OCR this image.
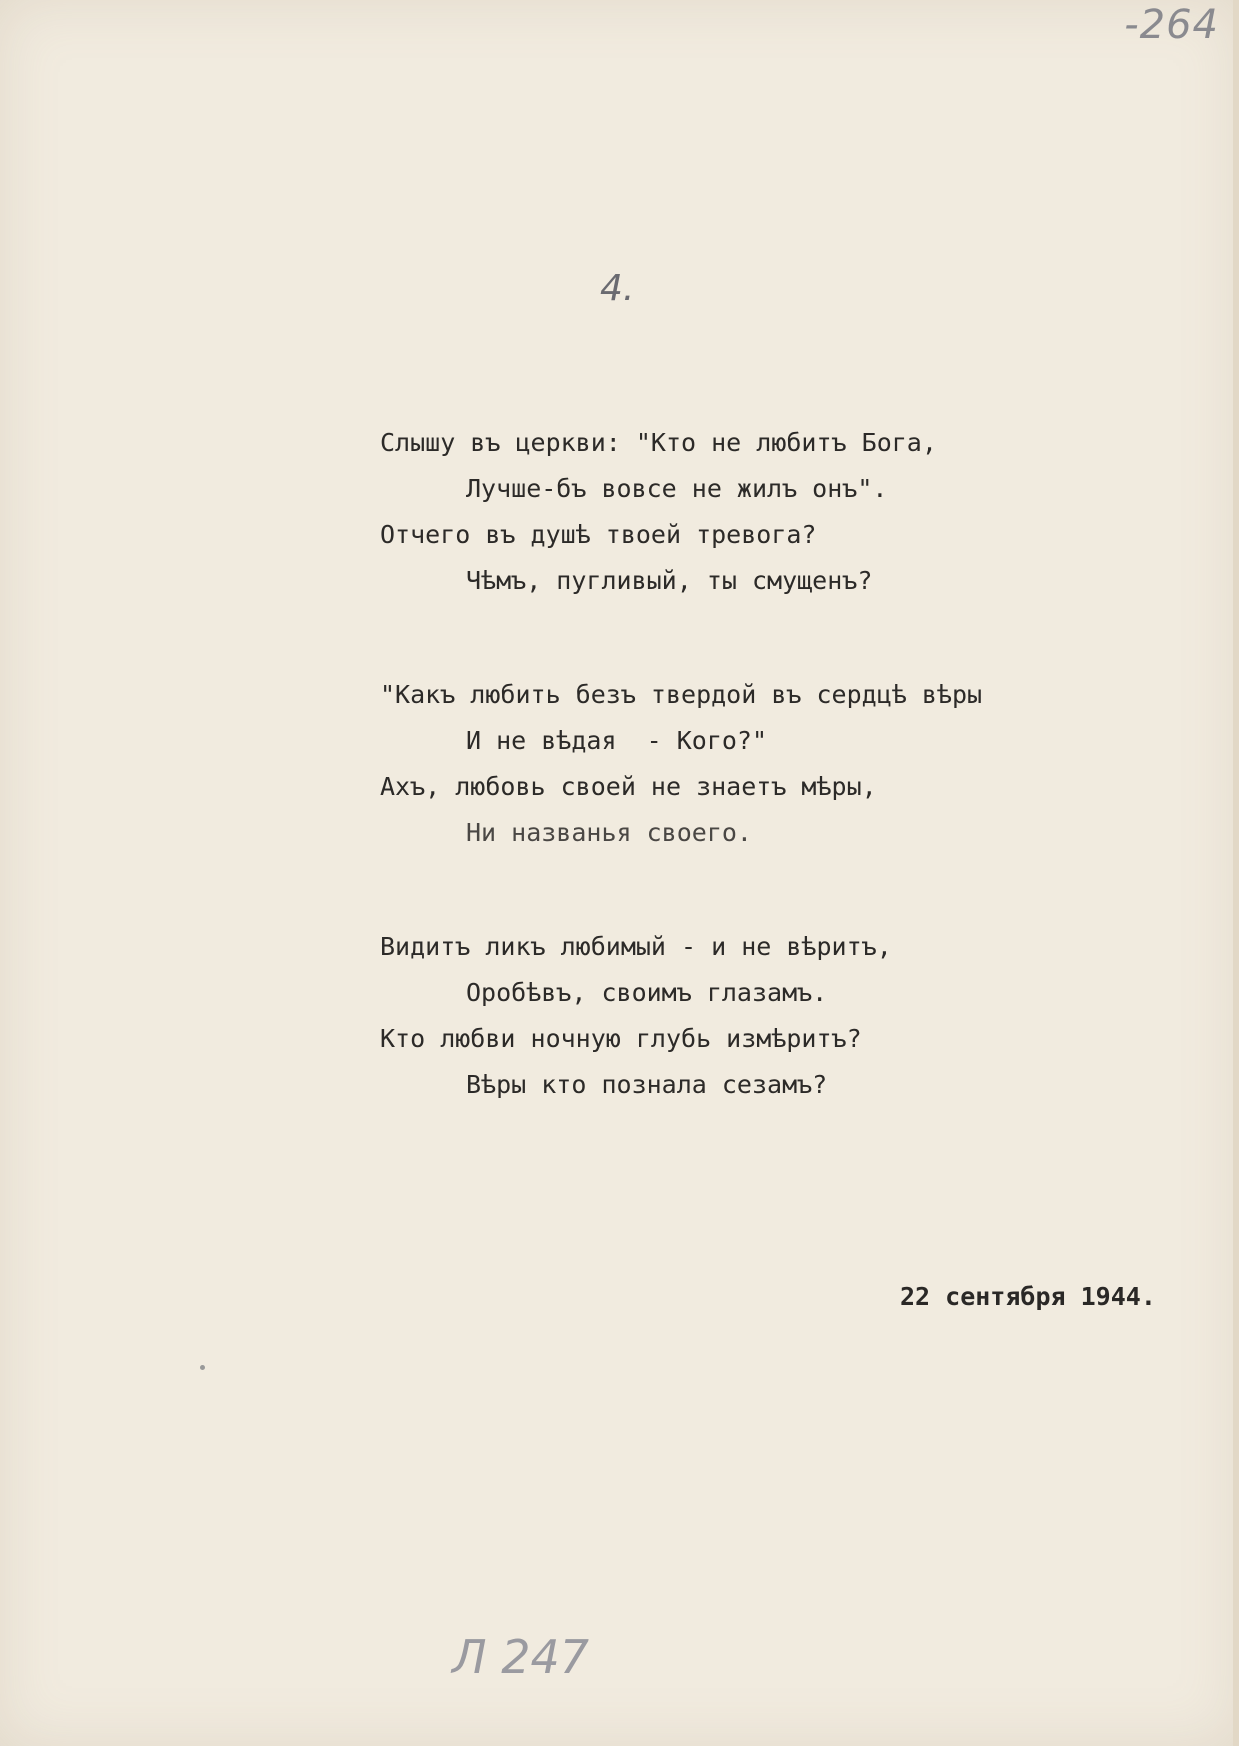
-264
4.
Слышу въ церкви: "Кто не любитъ Бога,
Лучше-бъ вовсе не жилъ онъ".
Отчего въ душѣ твоей тревога?
Чѣмъ, пугливый, ты смущенъ?
"Какъ любить безъ твердой въ сердцѣ вѣры
И не вѣдая  - Кого?"
Ахъ, любовь своей не знаетъ мѣры,
Ни названья своего.
Видитъ ликъ любимый - и не вѣритъ,
Оробѣвъ, своимъ глазамъ.
Кто любви ночную глубь измѣритъ?
Вѣры кто познала сезамъ?
22 сентября 1944.
Л 247
